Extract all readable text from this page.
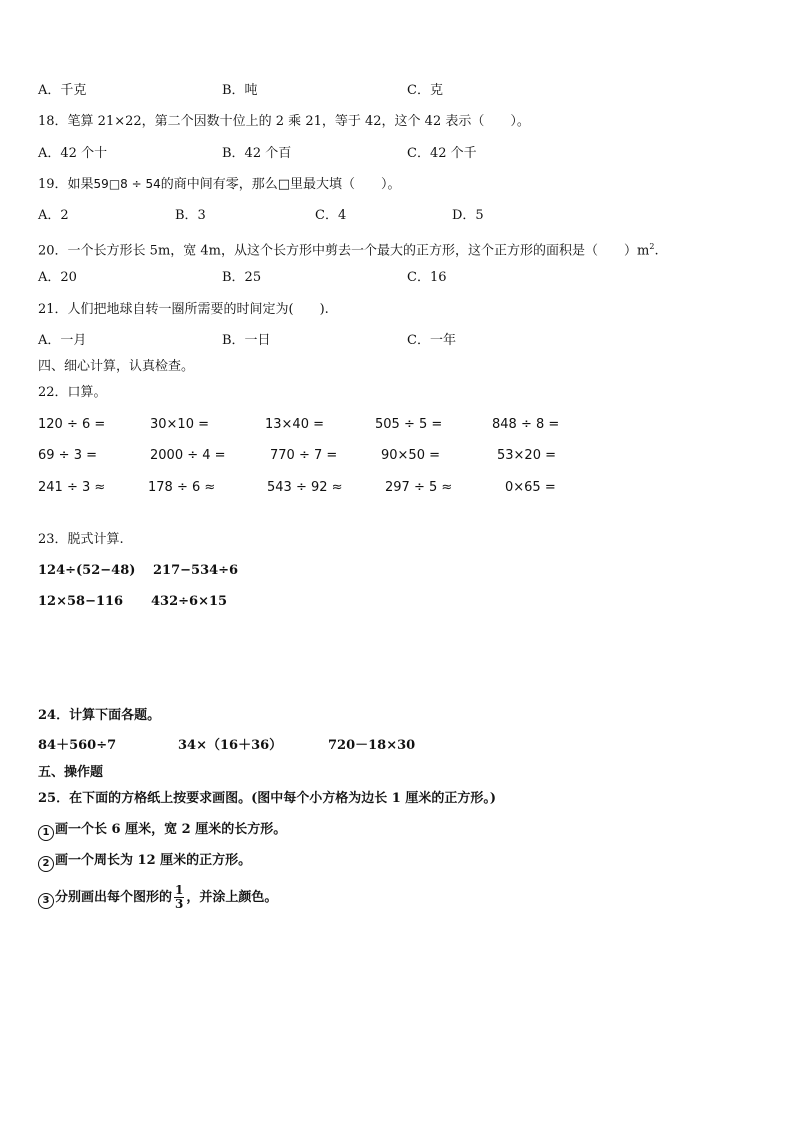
A．千克	B．吨	C．克
18．笔算 21×22，第二个因数十位上的 2 乘 21，等于 42，这个 42 表示（　　）。
A．42 个十	B．42 个百	C．42 个千
19．如果59□8 ÷ 54的商中间有零，那么□里最大填（　　）。
A．2	B．3	C．4	D．5
20．一个长方形长 5m，宽 4m，从这个长方形中剪去一个最大的正方形，这个正方形的面积是（　　）$m^2$.
A．20	B．25	C．16
21．人们把地球自转一圈所需要的时间定为(　　).
A．一月	B．一日	C．一年
四、细心计算，认真检查。
22．口算。
120 ÷ 6 =	30×10 =	13×40 =	505 ÷ 5 =	848 ÷ 8 =
69 ÷ 3 =	2000 ÷ 4 =	770 ÷ 7 =	90×50 =	53×20 =
241 ÷ 3 ≈	178 ÷ 6 ≈	543 ÷ 92 ≈	297 ÷ 5 ≈	0×65 =
23．脱式计算.
124÷(52−48) 217−534÷6
12×58−116 432÷6×15
24．计算下面各题。
84＋560÷7	34×（16＋36）	720－18×30
五、操作题
25．在下面的方格纸上按要求画图。(图中每个小方格为边长 1 厘米的正方形。)
1 画一个长 6 厘米，宽 2 厘米的长方形。
2 画一个周长为 12 厘米的正方形。
3 分别画出每个图形的 $\frac{1}{3}$ ，并涂上颜色。
